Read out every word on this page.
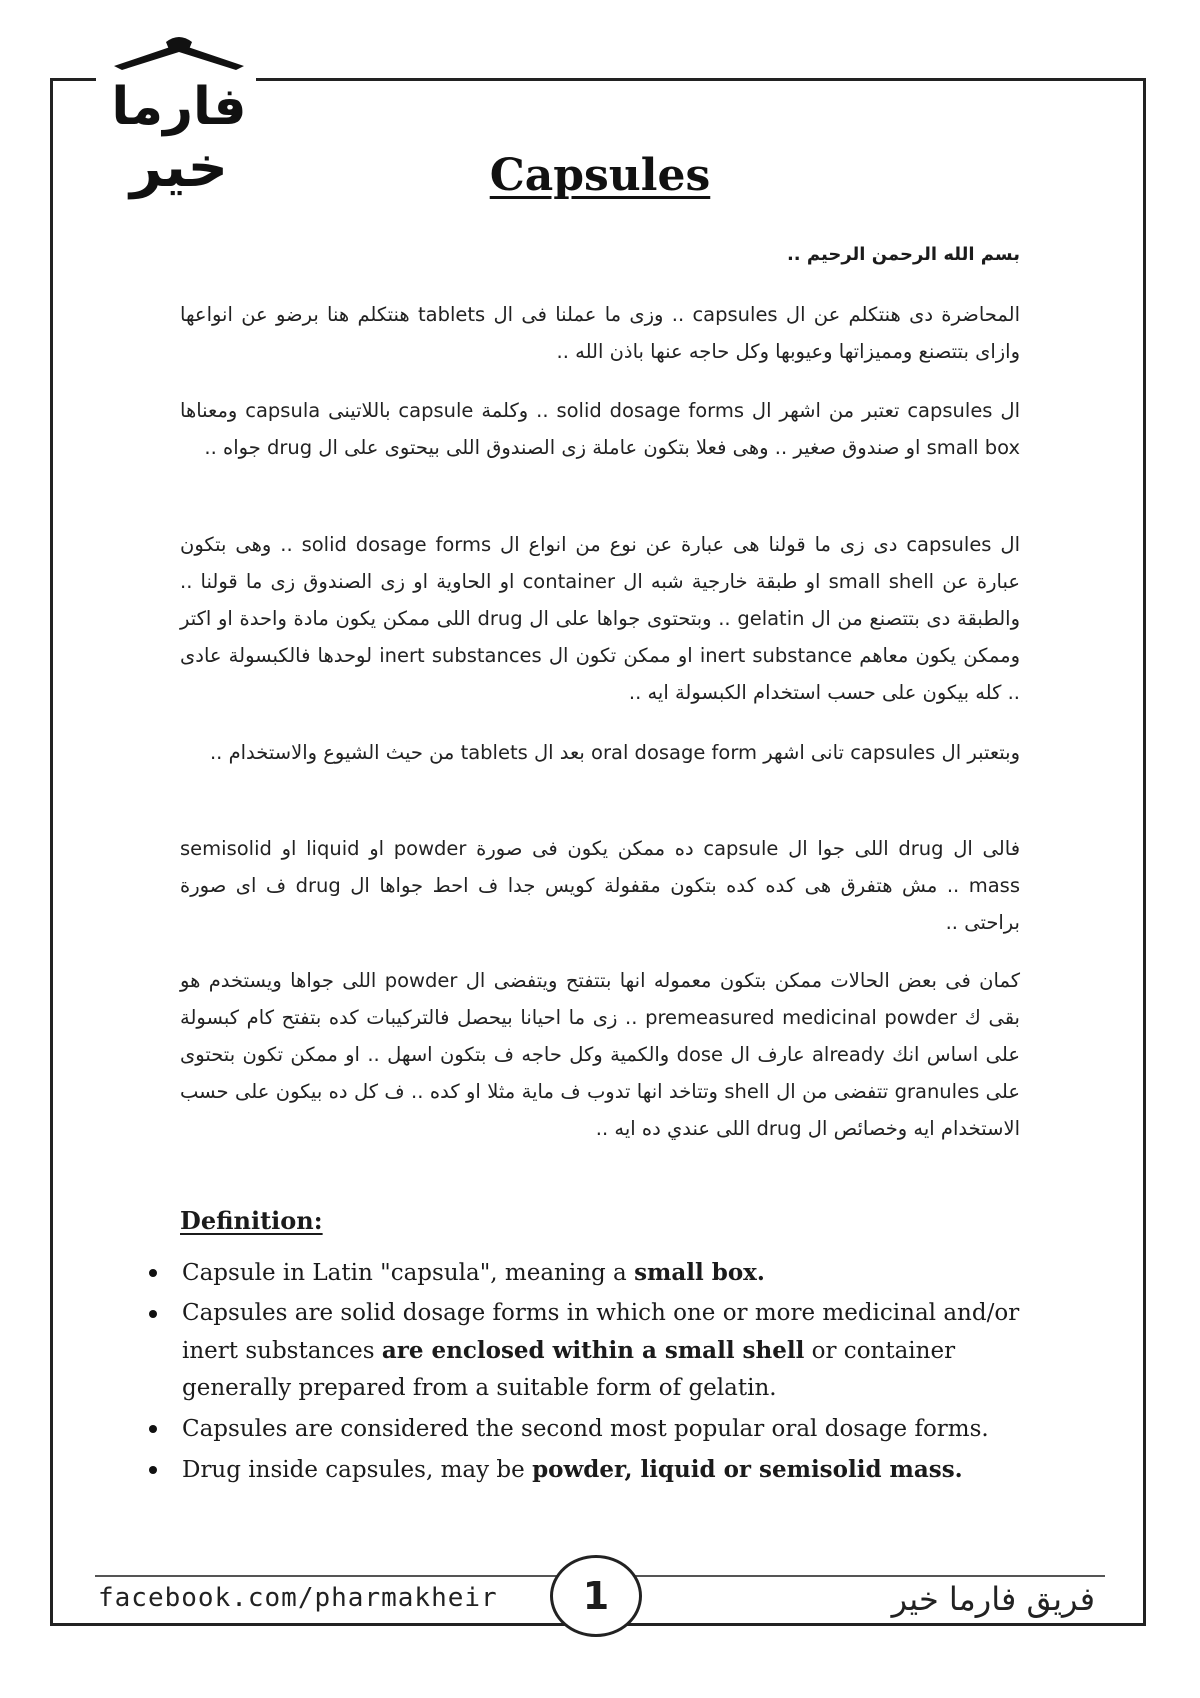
فارما
خير	Capsules
بسم الله الرحمن الرحيم ..
المحاضرة دى هنتكلم عن ال capsules .. وزى ما عملنا فى ال tablets هنتكلم هنا برضو عن انواعها وازاى بتتصنع ومميزاتها وعيوبها وكل حاجه عنها باذن الله ..
ال capsules تعتبر من اشهر ال solid dosage forms .. وكلمة capsule باللاتينى capsula ومعناها small box او صندوق صغير .. وهى فعلا بتكون عاملة زى الصندوق اللى بيحتوى على ال drug جواه ..
ال capsules دى زى ما قولنا هى عبارة عن نوع من انواع ال solid dosage forms .. وهى بتكون عبارة عن small shell او طبقة خارجية شبه ال container او الحاوية او زى الصندوق زى ما قولنا .. والطبقة دى بتتصنع من ال gelatin .. وبتحتوى جواها على ال drug اللى ممكن يكون مادة واحدة او اكتر وممكن يكون معاهم inert substance او ممكن تكون ال inert substances لوحدها فالكبسولة عادى .. كله بيكون على حسب استخدام الكبسولة ايه ..
وبتعتبر ال capsules تانى اشهر oral dosage form بعد ال tablets من حيث الشيوع والاستخدام ..
فالى ال drug اللى جوا ال capsule ده ممكن يكون فى صورة powder او liquid او semisolid mass .. مش هتفرق هى كده كده بتكون مقفولة كويس جدا ف احط جواها ال drug ف اى صورة براحتى ..
كمان فى بعض الحالات ممكن بتكون معموله انها بتتفتح ويتفضى ال powder اللى جواها ويستخدم هو بقى ك premeasured medicinal powder .. زى ما احيانا بيحصل فالتركيبات كده بتفتح كام كبسولة على اساس انك already عارف ال dose والكمية وكل حاجه ف بتكون اسهل .. او ممكن تكون بتحتوى على granules تتفضى من ال shell وتتاخد انها تدوب ف ماية مثلا او كده .. ف كل ده بيكون على حسب الاستخدام ايه وخصائص ال drug اللى عندي ده ايه ..
Definition:
Capsule in Latin "capsula", meaning a small box.
Capsules are solid dosage forms in which one or more medicinal and/or inert substances are enclosed within a small shell or container generally prepared from a suitable form of gelatin.
Capsules are considered the second most popular oral dosage forms.
Drug inside capsules, may be powder, liquid or semisolid mass.
facebook.com/pharmakheir	1	فريق فارما خير
